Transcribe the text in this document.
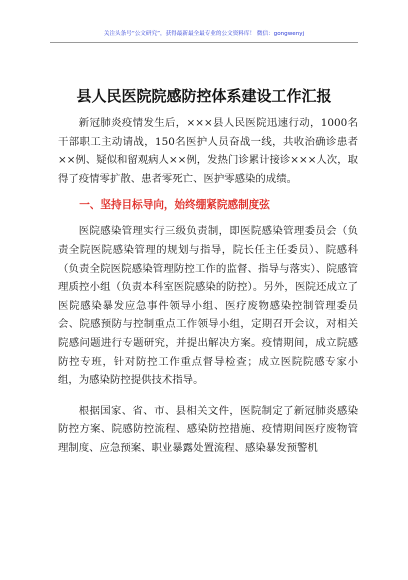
关注头条号“公文研究”，获得最新最全最专业的公文资料库！ 微信：gongwenyj
县人民医院院感防控体系建设工作汇报

新冠肺炎疫情发生后，×××县人民医院迅速行动，1000名干部职工主动请战，150名医护人员奋战一线，共收治确诊患者××例、疑似和留观病人××例，发热门诊累计接诊×××人次，取得了疫情零扩散、患者零死亡、医护零感染的成绩。

一、坚持目标导向，始终绷紧院感制度弦

医院感染管理实行三级负责制，即医院感染管理委员会（负责全院医院感染管理的规划与指导，院长任主任委员）、院感科（负责全院医院感染管理防控工作的监督、指导与落实）、院感管理质控小组（负责本科室医院感染的防控）。另外，医院还成立了医院感染暴发应急事件领导小组、医疗废物感染控制管理委员会、院感预防与控制重点工作领导小组，定期召开会议，对相关院感问题进行专题研究，并提出解决方案。疫情期间，成立院感防控专班，针对防控工作重点督导检查；成立医院院感专家小组，为感染防控提供技术指导。

根据国家、省、市、县相关文件，医院制定了新冠肺炎感染防控方案、院感防控流程、感染防控措施、疫情期间医疗废物管理制度、应急预案、职业暴露处置流程、感染暴发预警机
